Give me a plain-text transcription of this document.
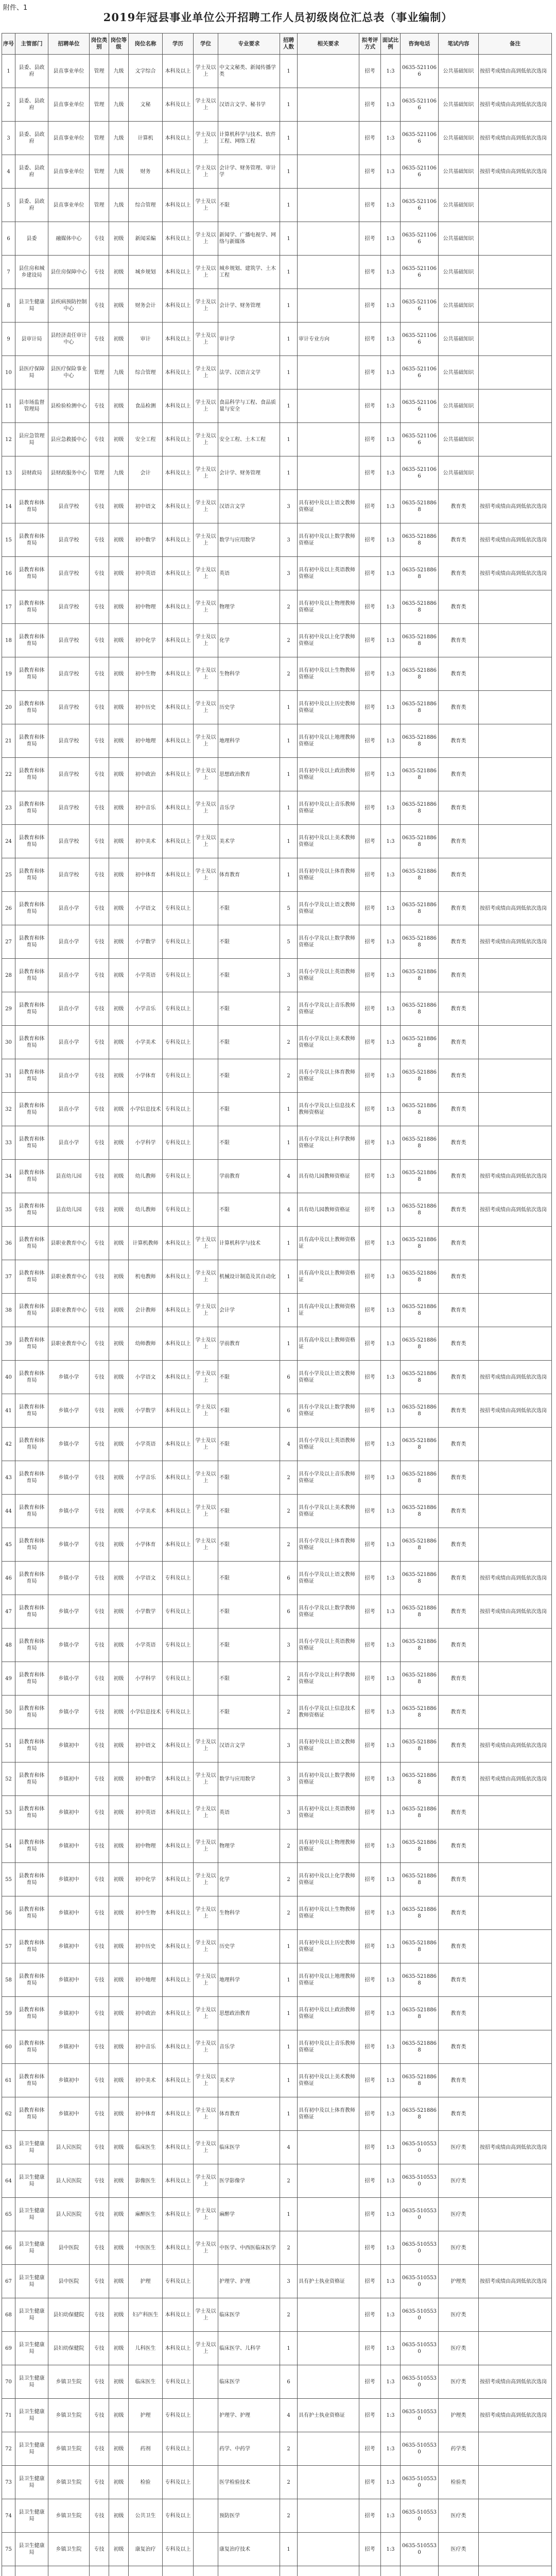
附件、1
2019年冠县事业单位公开招聘工作人员初级岗位汇总表（事业编制）
序号	主管部门	招聘单位	岗位类别	岗位等级	岗位名称	学历	学位	专业要求	招聘人数	相关要求	拟考评方式	面试比例	咨询电话	笔试内容	备注
1	县委、县政府	县直事业单位	管理	九级	文字综合	本科及以上	学士及以上	中文文秘类、新闻传播学类	1		招考	1:3	0635-5211066	公共基础知识	按招考成绩由高到低依次选岗
2	县委、县政府	县直事业单位	管理	九级	文秘	本科及以上	学士及以上	汉语言文学、秘书学	1		招考	1:3	0635-5211066	公共基础知识	按招考成绩由高到低依次选岗
3	县委、县政府	县直事业单位	管理	九级	计算机	本科及以上	学士及以上	计算机科学与技术、软件工程、网络工程	1		招考	1:3	0635-5211066	公共基础知识	按招考成绩由高到低依次选岗
4	县委、县政府	县直事业单位	管理	九级	财务	本科及以上	学士及以上	会计学、财务管理、审计学	1		招考	1:3	0635-5211066	公共基础知识	按招考成绩由高到低依次选岗
5	县委、县政府	县直事业单位	管理	九级	综合管理	本科及以上	学士及以上	不限	1		招考	1:3	0635-5211066	公共基础知识	
6	县委	融媒体中心	专技	初级	新闻采编	本科及以上	学士及以上	新闻学、广播电视学、网络与新媒体	1		招考	1:3	0635-5211066	公共基础知识	
7	县住房和城乡建设局	县住房保障中心	专技	初级	城乡规划	本科及以上	学士及以上	城乡规划、建筑学、土木工程	1		招考	1:3	0635-5211066	公共基础知识	
8	县卫生健康局	县疾病预防控制中心	专技	初级	财务会计	本科及以上	学士及以上	会计学、财务管理	1		招考	1:3	0635-5211066	公共基础知识	
9	县审计局	县经济责任审计中心	专技	初级	审计	本科及以上	学士及以上	审计学	1	审计专业方向	招考	1:3	0635-5211066	公共基础知识	
10	县医疗保障局	县医疗保险事业中心	管理	九级	综合管理	本科及以上	学士及以上	法学、汉语言文学	1		招考	1:3	0635-5211066	公共基础知识	
11	县市场监督管理局	县检验检测中心	专技	初级	食品检测	本科及以上	学士及以上	食品科学与工程、食品质量与安全	1		招考	1:3	0635-5211066	公共基础知识	
12	县应急管理局	县应急救援中心	专技	初级	安全工程	本科及以上	学士及以上	安全工程、土木工程	1		招考	1:3	0635-5211066	公共基础知识	
13	县财政局	县财政服务中心	管理	九级	会计	本科及以上	学士及以上	会计学、财务管理	1		招考	1:3	0635-5211066	公共基础知识	
14	县教育和体育局	县直学校	专技	初级	初中语文	本科及以上	学士及以上	汉语言文学	3	具有初中及以上语文教师资格证	招考	1:3	0635-5218868	教育类	按招考成绩由高到低依次选岗
15	县教育和体育局	县直学校	专技	初级	初中数学	本科及以上	学士及以上	数学与应用数学	3	具有初中及以上数学教师资格证	招考	1:3	0635-5218868	教育类	按招考成绩由高到低依次选岗
16	县教育和体育局	县直学校	专技	初级	初中英语	本科及以上	学士及以上	英语	3	具有初中及以上英语教师资格证	招考	1:3	0635-5218868	教育类	按招考成绩由高到低依次选岗
17	县教育和体育局	县直学校	专技	初级	初中物理	本科及以上	学士及以上	物理学	2	具有初中及以上物理教师资格证	招考	1:3	0635-5218868	教育类	
18	县教育和体育局	县直学校	专技	初级	初中化学	本科及以上	学士及以上	化学	2	具有初中及以上化学教师资格证	招考	1:3	0635-5218868	教育类	
19	县教育和体育局	县直学校	专技	初级	初中生物	本科及以上	学士及以上	生物科学	2	具有初中及以上生物教师资格证	招考	1:3	0635-5218868	教育类	
20	县教育和体育局	县直学校	专技	初级	初中历史	本科及以上	学士及以上	历史学	1	具有初中及以上历史教师资格证	招考	1:3	0635-5218868	教育类	
21	县教育和体育局	县直学校	专技	初级	初中地理	本科及以上	学士及以上	地理科学	1	具有初中及以上地理教师资格证	招考	1:3	0635-5218868	教育类	
22	县教育和体育局	县直学校	专技	初级	初中政治	本科及以上	学士及以上	思想政治教育	1	具有初中及以上政治教师资格证	招考	1:3	0635-5218868	教育类	
23	县教育和体育局	县直学校	专技	初级	初中音乐	本科及以上	学士及以上	音乐学	1	具有初中及以上音乐教师资格证	招考	1:3	0635-5218868	教育类	
24	县教育和体育局	县直学校	专技	初级	初中美术	本科及以上	学士及以上	美术学	1	具有初中及以上美术教师资格证	招考	1:3	0635-5218868	教育类	
25	县教育和体育局	县直学校	专技	初级	初中体育	本科及以上	学士及以上	体育教育	1	具有初中及以上体育教师资格证	招考	1:3	0635-5218868	教育类	
26	县教育和体育局	县直小学	专技	初级	小学语文	专科及以上		不限	5	具有小学及以上语文教师资格证	招考	1:3	0635-5218868	教育类	按招考成绩由高到低依次选岗
27	县教育和体育局	县直小学	专技	初级	小学数学	专科及以上		不限	5	具有小学及以上数学教师资格证	招考	1:3	0635-5218868	教育类	按招考成绩由高到低依次选岗
28	县教育和体育局	县直小学	专技	初级	小学英语	专科及以上		不限	3	具有小学及以上英语教师资格证	招考	1:3	0635-5218868	教育类	
29	县教育和体育局	县直小学	专技	初级	小学音乐	专科及以上		不限	2	具有小学及以上音乐教师资格证	招考	1:3	0635-5218868	教育类	
30	县教育和体育局	县直小学	专技	初级	小学美术	专科及以上		不限	2	具有小学及以上美术教师资格证	招考	1:3	0635-5218868	教育类	
31	县教育和体育局	县直小学	专技	初级	小学体育	专科及以上		不限	2	具有小学及以上体育教师资格证	招考	1:3	0635-5218868	教育类	
32	县教育和体育局	县直小学	专技	初级	小学信息技术	专科及以上		不限	1	具有小学及以上信息技术教师资格证	招考	1:3	0635-5218868	教育类	
33	县教育和体育局	县直小学	专技	初级	小学科学	专科及以上		不限	1	具有小学及以上科学教师资格证	招考	1:3	0635-5218868	教育类	
34	县教育和体育局	县直幼儿园	专技	初级	幼儿教师	专科及以上		学前教育	4	具有幼儿园教师资格证	招考	1:3	0635-5218868	教育类	按招考成绩由高到低依次选岗
35	县教育和体育局	县直幼儿园	专技	初级	幼儿教师	专科及以上		不限	4	具有幼儿园教师资格证	招考	1:3	0635-5218868	教育类	按招考成绩由高到低依次选岗
36	县教育和体育局	县职业教育中心	专技	初级	计算机教师	本科及以上	学士及以上	计算机科学与技术	1	具有高中及以上教师资格证	招考	1:3	0635-5218868	教育类	
37	县教育和体育局	县职业教育中心	专技	初级	机电教师	本科及以上	学士及以上	机械设计制造及其自动化	1	具有高中及以上教师资格证	招考	1:3	0635-5218868	教育类	
38	县教育和体育局	县职业教育中心	专技	初级	会计教师	本科及以上	学士及以上	会计学	1	具有高中及以上教师资格证	招考	1:3	0635-5218868	教育类	
39	县教育和体育局	县职业教育中心	专技	初级	幼师教师	本科及以上	学士及以上	学前教育	1	具有高中及以上教师资格证	招考	1:3	0635-5218868	教育类	
40	县教育和体育局	乡镇小学	专技	初级	小学语文	本科及以上	学士及以上	不限	6	具有小学及以上语文教师资格证	招考	1:3	0635-5218868	教育类	按招考成绩由高到低依次选岗
41	县教育和体育局	乡镇小学	专技	初级	小学数学	本科及以上	学士及以上	不限	6	具有小学及以上数学教师资格证	招考	1:3	0635-5218868	教育类	按招考成绩由高到低依次选岗
42	县教育和体育局	乡镇小学	专技	初级	小学英语	本科及以上	学士及以上	不限	4	具有小学及以上英语教师资格证	招考	1:3	0635-5218868	教育类	
43	县教育和体育局	乡镇小学	专技	初级	小学音乐	本科及以上	学士及以上	不限	2	具有小学及以上音乐教师资格证	招考	1:3	0635-5218868	教育类	
44	县教育和体育局	乡镇小学	专技	初级	小学美术	本科及以上	学士及以上	不限	2	具有小学及以上美术教师资格证	招考	1:3	0635-5218868	教育类	
45	县教育和体育局	乡镇小学	专技	初级	小学体育	本科及以上	学士及以上	不限	2	具有小学及以上体育教师资格证	招考	1:3	0635-5218868	教育类	
46	县教育和体育局	乡镇小学	专技	初级	小学语文	专科及以上		不限	6	具有小学及以上语文教师资格证	招考	1:3	0635-5218868	教育类	按招考成绩由高到低依次选岗
47	县教育和体育局	乡镇小学	专技	初级	小学数学	专科及以上		不限	6	具有小学及以上数学教师资格证	招考	1:3	0635-5218868	教育类	按招考成绩由高到低依次选岗
48	县教育和体育局	乡镇小学	专技	初级	小学英语	专科及以上		不限	3	具有小学及以上英语教师资格证	招考	1:3	0635-5218868	教育类	
49	县教育和体育局	乡镇小学	专技	初级	小学科学	专科及以上		不限	2	具有小学及以上科学教师资格证	招考	1:3	0635-5218868	教育类	
50	县教育和体育局	乡镇小学	专技	初级	小学信息技术	专科及以上		不限	2	具有小学及以上信息技术教师资格证	招考	1:3	0635-5218868	教育类	
51	县教育和体育局	乡镇初中	专技	初级	初中语文	本科及以上	学士及以上	汉语言文学	3	具有初中及以上语文教师资格证	招考	1:3	0635-5218868	教育类	按招考成绩由高到低依次选岗
52	县教育和体育局	乡镇初中	专技	初级	初中数学	本科及以上	学士及以上	数学与应用数学	3	具有初中及以上数学教师资格证	招考	1:3	0635-5218868	教育类	按招考成绩由高到低依次选岗
53	县教育和体育局	乡镇初中	专技	初级	初中英语	本科及以上	学士及以上	英语	3	具有初中及以上英语教师资格证	招考	1:3	0635-5218868	教育类	
54	县教育和体育局	乡镇初中	专技	初级	初中物理	本科及以上	学士及以上	物理学	2	具有初中及以上物理教师资格证	招考	1:3	0635-5218868	教育类	
55	县教育和体育局	乡镇初中	专技	初级	初中化学	本科及以上	学士及以上	化学	2	具有初中及以上化学教师资格证	招考	1:3	0635-5218868	教育类	
56	县教育和体育局	乡镇初中	专技	初级	初中生物	本科及以上	学士及以上	生物科学	2	具有初中及以上生物教师资格证	招考	1:3	0635-5218868	教育类	
57	县教育和体育局	乡镇初中	专技	初级	初中历史	本科及以上	学士及以上	历史学	1	具有初中及以上历史教师资格证	招考	1:3	0635-5218868	教育类	
58	县教育和体育局	乡镇初中	专技	初级	初中地理	本科及以上	学士及以上	地理科学	1	具有初中及以上地理教师资格证	招考	1:3	0635-5218868	教育类	
59	县教育和体育局	乡镇初中	专技	初级	初中政治	本科及以上	学士及以上	思想政治教育	1	具有初中及以上政治教师资格证	招考	1:3	0635-5218868	教育类	
60	县教育和体育局	乡镇初中	专技	初级	初中音乐	本科及以上	学士及以上	音乐学	1	具有初中及以上音乐教师资格证	招考	1:3	0635-5218868	教育类	
61	县教育和体育局	乡镇初中	专技	初级	初中美术	本科及以上	学士及以上	美术学	1	具有初中及以上美术教师资格证	招考	1:3	0635-5218868	教育类	
62	县教育和体育局	乡镇初中	专技	初级	初中体育	本科及以上	学士及以上	体育教育	1	具有初中及以上体育教师资格证	招考	1:3	0635-5218868	教育类	
63	县卫生健康局	县人民医院	专技	初级	临床医生	本科及以上	学士及以上	临床医学	4		招考	1:3	0635-5105530	医疗类	按招考成绩由高到低依次选岗
64	县卫生健康局	县人民医院	专技	初级	影像医生	本科及以上	学士及以上	医学影像学	2		招考	1:3	0635-5105530	医疗类	
65	县卫生健康局	县人民医院	专技	初级	麻醉医生	本科及以上	学士及以上	麻醉学	1		招考	1:3	0635-5105530	医疗类	
66	县卫生健康局	县中医院	专技	初级	中医医生	本科及以上	学士及以上	中医学、中西医临床医学	2		招考	1:3	0635-5105530	医疗类	
67	县卫生健康局	县中医院	专技	初级	护理	专科及以上		护理学、护理	3	具有护士执业资格证	招考	1:3	0635-5105530	护理类	按招考成绩由高到低依次选岗
68	县卫生健康局	县妇幼保健院	专技	初级	妇产科医生	本科及以上	学士及以上	临床医学	2		招考	1:3	0635-5105530	医疗类	
69	县卫生健康局	县妇幼保健院	专技	初级	儿科医生	本科及以上	学士及以上	临床医学、儿科学	1		招考	1:3	0635-5105530	医疗类	
70	县卫生健康局	乡镇卫生院	专技	初级	临床医生	专科及以上		临床医学	6		招考	1:3	0635-5105530	医疗类	按招考成绩由高到低依次选岗
71	县卫生健康局	乡镇卫生院	专技	初级	护理	专科及以上		护理学、护理	4	具有护士执业资格证	招考	1:3	0635-5105530	护理类	按招考成绩由高到低依次选岗
72	县卫生健康局	乡镇卫生院	专技	初级	药剂	专科及以上		药学、中药学	2		招考	1:3	0635-5105530	药学类	
73	县卫生健康局	乡镇卫生院	专技	初级	检验	专科及以上		医学检验技术	2		招考	1:3	0635-5105530	检验类	
74	县卫生健康局	乡镇卫生院	专技	初级	公共卫生	专科及以上		预防医学	2		招考	1:3	0635-5105530	医疗类	
75	县卫生健康局	乡镇卫生院	专技	初级	康复治疗	专科及以上		康复治疗技术	1		招考	1:3	0635-5105530	医疗类	
